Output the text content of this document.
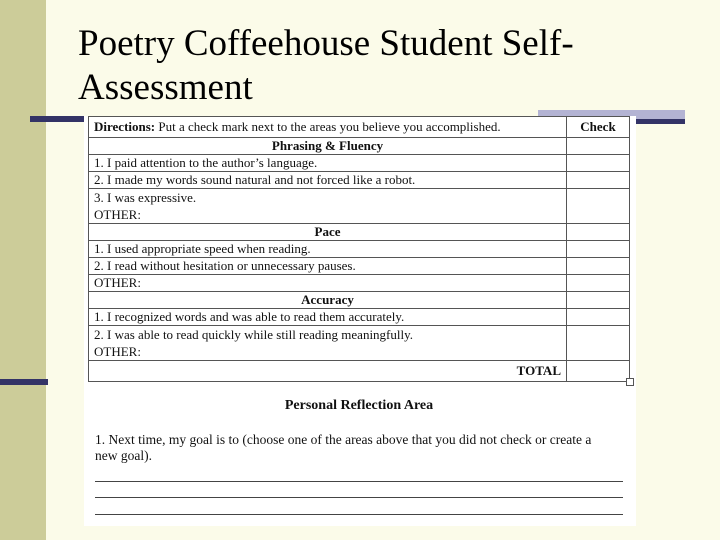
Poetry Coffeehouse Student Self-Assessment
Directions: Put a check mark next to the areas you believe you accomplished.	Check
Phrasing & Fluency	
1. I paid attention to the author’s language.	
2. I made my words sound natural and not forced like a robot.	

3. I was expressive.
OTHER:	

Pace	
1. I used appropriate speed when reading.	
2. I read without hesitation or unnecessary pauses.	
OTHER:	
Accuracy	
1. I recognized words and was able to read them accurately.	

2. I was able to read quickly while still reading meaningfully.
OTHER:	

TOTAL	
Personal Reflection Area
1. Next time, my goal is to (choose one of the areas above that you did not check or create a new goal).
